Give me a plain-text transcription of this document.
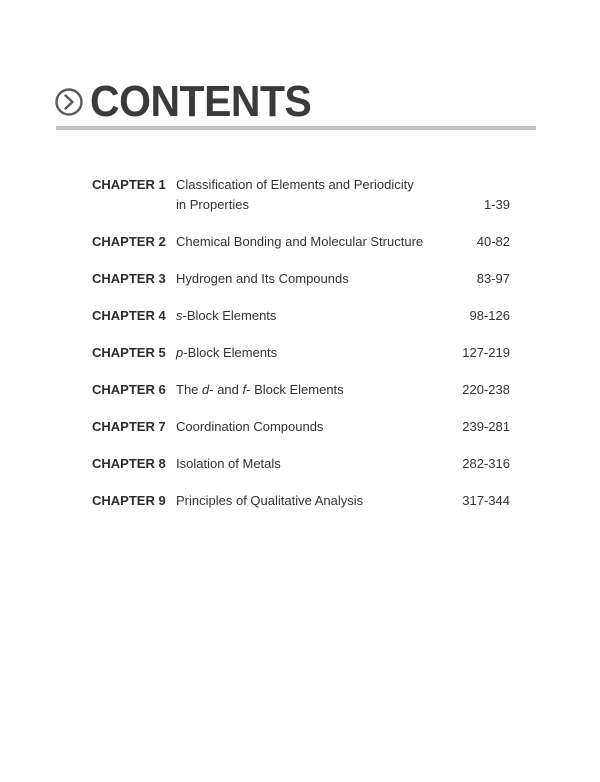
CONTENTS
CHAPTER 1 Classification of Elements and Periodicity
in Properties	1-39
CHAPTER 2 Chemical Bonding and Molecular Structure	40-82
CHAPTER 3 Hydrogen and Its Compounds	83-97
CHAPTER 4 s-Block Elements	98-126
CHAPTER 5 p-Block Elements	127-219
CHAPTER 6 The d- and f- Block Elements	220-238
CHAPTER 7 Coordination Compounds	239-281
CHAPTER 8 Isolation of Metals	282-316
CHAPTER 9 Principles of Qualitative Analysis	317-344
